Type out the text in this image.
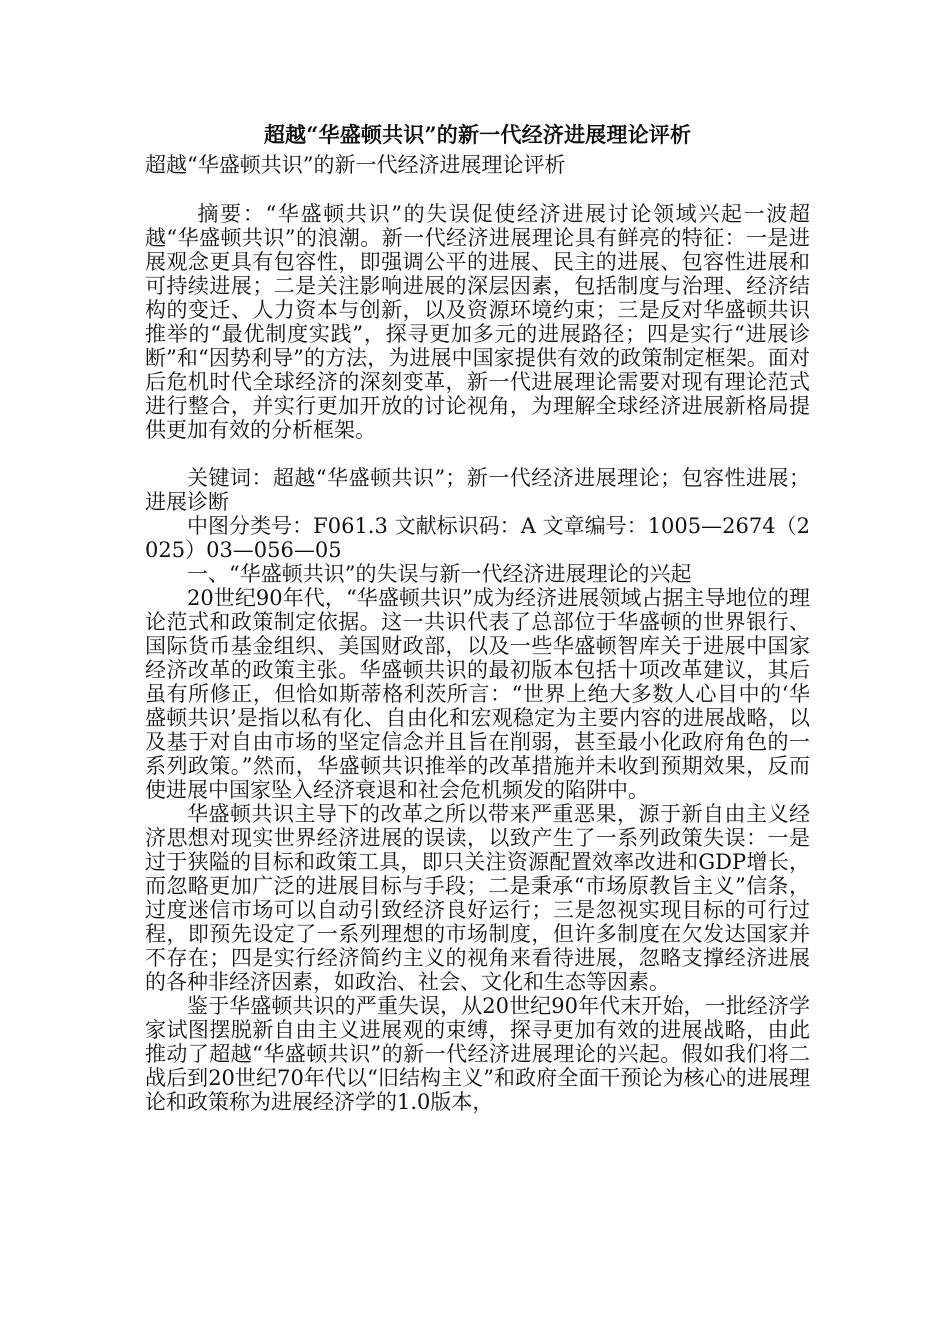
超越“华盛顿共识”的新一代经济进展理论评析
超越“华盛顿共识”的新一代经济进展理论评析

摘要：“华盛顿共识”的失误促使经济进展讨论领域兴起一波超越“华盛顿共识”的浪潮。新一代经济进展理论具有鲜亮的特征：一是进展观念更具有包容性，即强调公平的进展、民主的进展、包容性进展和可持续进展；二是关注影响进展的深层因素，包括制度与治理、经济结构的变迁、人力资本与创新，以及资源环境约束；三是反对华盛顿共识推举的“最优制度实践”，探寻更加多元的进展路径；四是实行“进展诊断”和“因势利导”的方法，为进展中国家提供有效的政策制定框架。面对后危机时代全球经济的深刻变革，新一代进展理论需要对现有理论范式进行整合，并实行更加开放的讨论视角，为理解全球经济进展新格局提供更加有效的分析框架。

关键词：超越“华盛顿共识”；新一代经济进展理论；包容性进展；进展诊断

中图分类号：F061.3 文献标识码：A 文章编号：1005—2674（2025）03—056—05

一、“华盛顿共识”的失误与新一代经济进展理论的兴起

20世纪90年代，“华盛顿共识”成为经济进展领域占据主导地位的理论范式和政策制定依据。这一共识代表了总部位于华盛顿的世界银行、国际货币基金组织、美国财政部，以及一些华盛顿智库关于进展中国家经济改革的政策主张。华盛顿共识的最初版本包括十项改革建议，其后虽有所修正，但恰如斯蒂格利茨所言：“世界上绝大多数人心目中的‘华盛顿共识’是指以私有化、自由化和宏观稳定为主要内容的进展战略，以及基于对自由市场的坚定信念并且旨在削弱，甚至最小化政府角色的一系列政策。”然而，华盛顿共识推举的改革措施并未收到预期效果，反而使进展中国家坠入经济衰退和社会危机频发的陷阱中。

华盛顿共识主导下的改革之所以带来严重恶果，源于新自由主义经济思想对现实世界经济进展的误读，以致产生了一系列政策失误：一是过于狭隘的目标和政策工具，即只关注资源配置效率改进和GDP增长，而忽略更加广泛的进展目标与手段；二是秉承“市场原教旨主义”信条，过度迷信市场可以自动引致经济良好运行；三是忽视实现目标的可行过程，即预先设定了一系列理想的市场制度，但许多制度在欠发达国家并不存在；四是实行经济简约主义的视角来看待进展，忽略支撑经济进展的各种非经济因素，如政治、社会、文化和生态等因素。

鉴于华盛顿共识的严重失误，从20世纪90年代末开始，一批经济学家试图摆脱新自由主义进展观的束缚，探寻更加有效的进展战略，由此推动了超越“华盛顿共识”的新一代经济进展理论的兴起。假如我们将二战后到20世纪70年代以“旧结构主义”和政府全面干预论为核心的进展理论和政策称为进展经济学的1.0版本，
